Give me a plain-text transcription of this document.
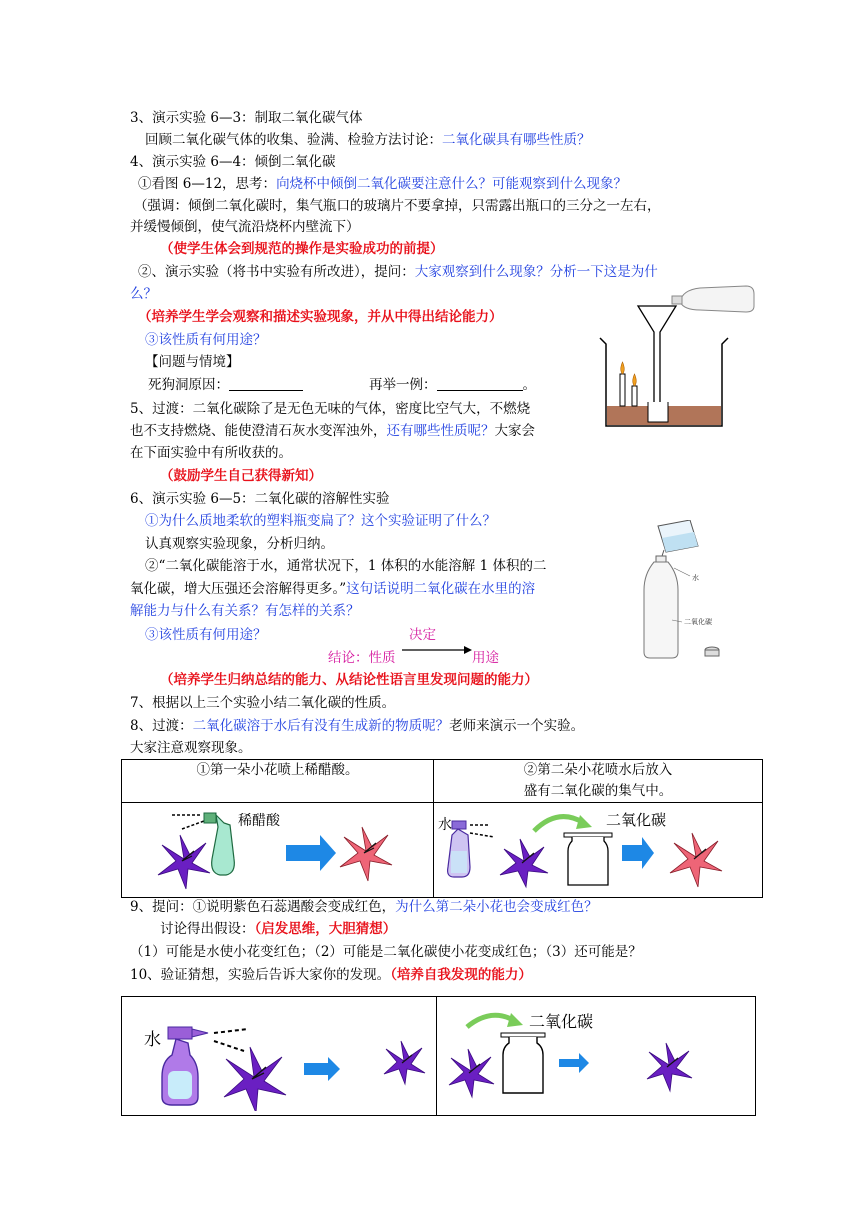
3、演示实验 6—3：制取二氧化碳气体
回顾二氧化碳气体的收集、验满、检验方法讨论：二氧化碳具有哪些性质？
4、演示实验 6—4：倾倒二氧化碳
①看图 6—12，思考：向烧杯中倾倒二氧化碳要注意什么？可能观察到什么现象？
（强调：倾倒二氧化碳时，集气瓶口的玻璃片不要拿掉，只需露出瓶口的三分之一左右，
并缓慢倾倒，使气流沿烧杯内壁流下）
（使学生体会到规范的操作是实验成功的前提）
②、演示实验（将书中实验有所改进），提问：大家观察到什么现象？分析一下这是为什
么？
（培养学生学会观察和描述实验现象，并从中得出结论能力）
③该性质有何用途？
【问题与情境】
死狗洞原因：	再举一例：	。
5、过渡：二氧化碳除了是无色无味的气体，密度比空气大，不燃烧
也不支持燃烧、能使澄清石灰水变浑浊外，还有哪些性质呢？大家会
在下面实验中有所收获的。
（鼓励学生自己获得新知）
6、演示实验 6—5：二氧化碳的溶解性实验
①为什么质地柔软的塑料瓶变扁了？这个实验证明了什么？
认真观察实验现象，分析归纳。
②“二氧化碳能溶于水，通常状况下，1 体积的水能溶解 1 体积的二
氧化碳，增大压强还会溶解得更多。”这句话说明二氧化碳在水里的溶
解能力与什么有关系？有怎样的关系？
③该性质有何用途？
结论：性质
决定
用途
（培养学生归纳总结的能力、从结论性语言里发现问题的能力）
7、根据以上三个实验小结二氧化碳的性质。
8、过渡：二氧化碳溶于水后有没有生成新的物质呢？老师来演示一个实验。
大家注意观察现象。
①第一朵小花喷上稀醋酸。	②第二朵小花喷水后放入
盛有二氧化碳的集气中。

稀醋酸	水 二氧化碳
9、提问：①说明紫色石蕊遇酸会变成红色，为什么第二朵小花也会变成红色？
讨论得出假设：（启发思维，大胆猜想）
（1）可能是水使小花变红色；（2）可能是二氧化碳使小花变成红色；（3）还可能是？
10、验证猜想，实验后告诉大家你的发现。（培养自我发现的能力）
水

二氧化碳
水
二氧化碳
